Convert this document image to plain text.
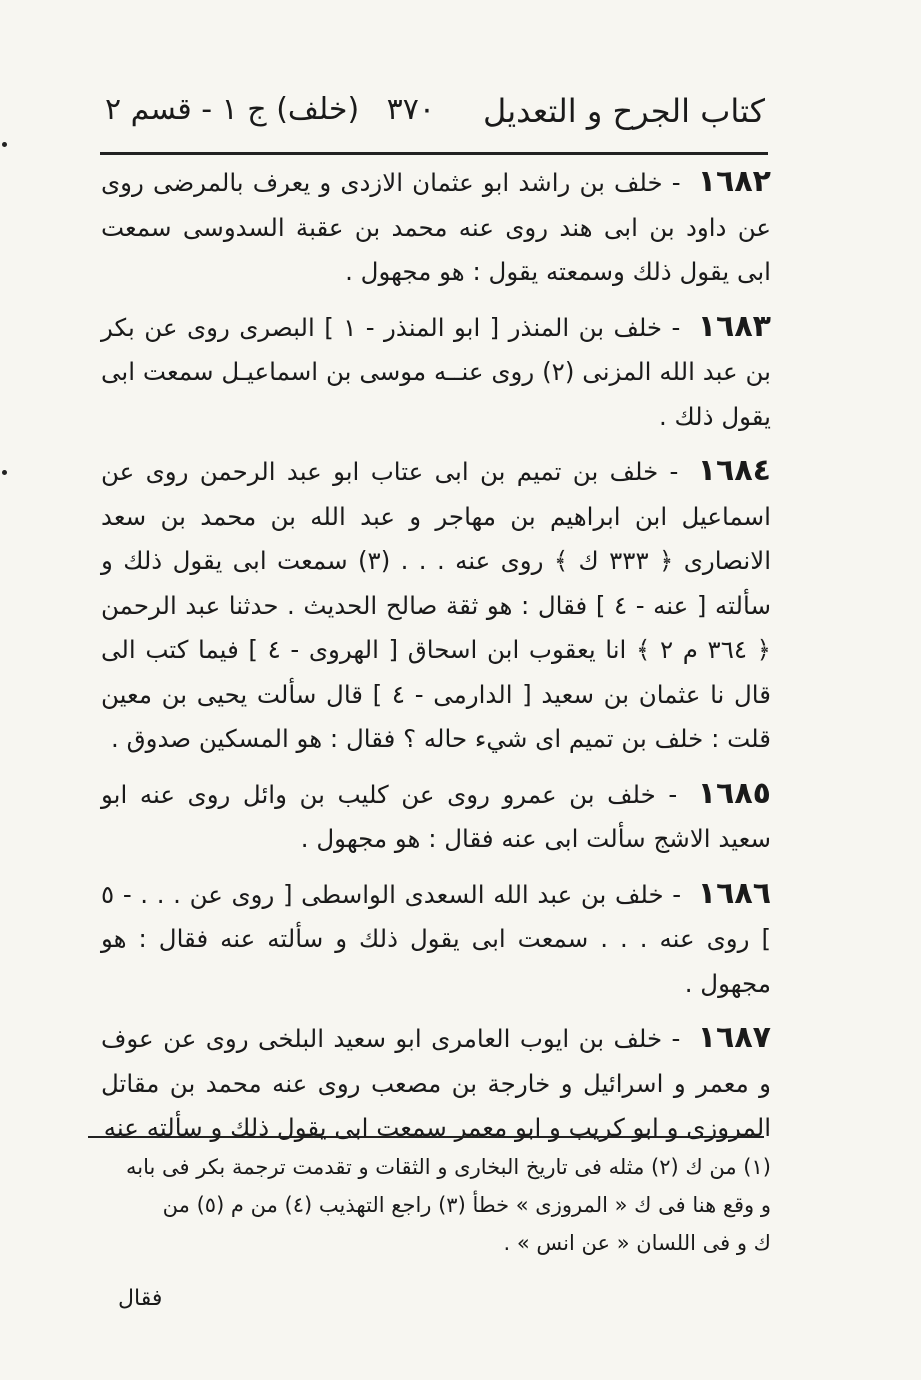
كتاب الجرح و التعديل
٣٧٠
(خلف) ج ١ - قسم ٢

١٦٨٢ - خلف بن راشد ابو عثمان الازدى و يعرف بالمرضى روى عن داود بن ابى هند روى عنه محمد بن عقبة السدوسى سمعت ابى يقول ذلك وسمعته يقول : هو مجهول .

١٦٨٣ - خلف بن المنذر [ ابو المنذر - ١ ] البصرى روى عن بكر بن عبد الله المزنى (٢) روى عنــه موسى بن اسماعيـل سمعت ابى يقول ذلك .

١٦٨٤ - خلف بن تميم بن ابى عتاب ابو عبد الرحمن روى عن اسماعيل ابن ابراهيم بن مهاجر و عبد الله بن محمد بن سعد الانصارى ﴿ ٣٣٣ ك ﴾ روى عنه . . . (٣) سمعت ابى يقول ذلك و سألته [ عنه - ٤ ] فقال : هو ثقة صالح الحديث . حدثنا عبد الرحمن ﴿ ٣٦٤ م ٢ ﴾ انا يعقوب ابن اسحاق [ الهروى - ٤ ] فيما كتب الى قال نا عثمان بن سعيد [ الدارمى - ٤ ] قال سألت يحيى بن معين قلت : خلف بن تميم اى شيء حاله ؟ فقال : هو المسكين صدوق .

١٦٨٥ - خلف بن عمرو روى عن كليب بن وائل روى عنه ابو سعيد الاشج سألت ابى عنه فقال : هو مجهول .

١٦٨٦ - خلف بن عبد الله السعدى الواسطى [ روى عن . . . - ٥ ] روى عنه . . . سمعت ابى يقول ذلك و سألته عنه فقال : هو مجهول .

١٦٨٧ - خلف بن ايوب العامرى ابو سعيد البلخى روى عن عوف و معمر و اسرائيل و خارجة بن مصعب روى عنه محمد بن مقاتل المروزى و ابو كريب و ابو معمر سمعت ابى يقول ذلك و سألته عنه

(١) من ك (٢) مثله فى تاريخ البخارى و الثقات و تقدمت ترجمة بكر فى بابه

و وقع هنا فى ك « المروزى » خطأ (٣) راجع التهذيب (٤) من م (٥) من

ك و فى اللسان « عن انس » .

فقال
